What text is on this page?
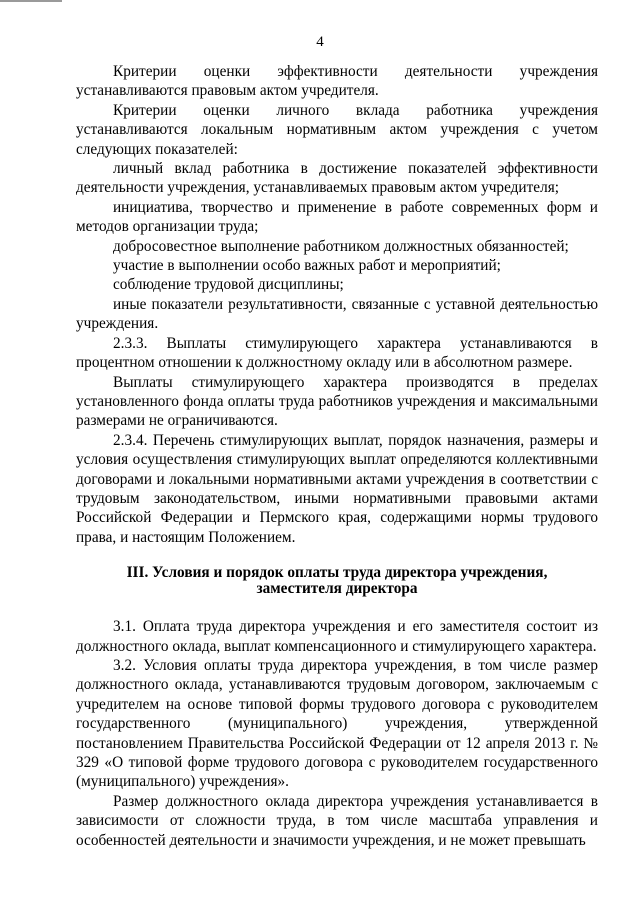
4

Критерии оценки эффективности деятельности учреждения устанавливаются правовым актом учредителя.

Критерии оценки личного вклада работника учреждения устанавливаются локальным нормативным актом учреждения с учетом следующих показателей:

личный вклад работника в достижение показателей эффективности деятельности учреждения, устанавливаемых правовым актом учредителя;

инициатива, творчество и применение в работе современных форм и методов организации труда;

добросовестное выполнение работником должностных обязанностей;

участие в выполнении особо важных работ и мероприятий;

соблюдение трудовой дисциплины;

иные показатели результативности, связанные с уставной деятельностью учреждения.

2.3.3. Выплаты стимулирующего характера устанавливаются в процентном отношении к должностному окладу или в абсолютном размере.

Выплаты стимулирующего характера производятся в пределах установленного фонда оплаты труда работников учреждения и максимальными размерами не ограничиваются.

2.3.4. Перечень стимулирующих выплат, порядок назначения, размеры и условия осуществления стимулирующих выплат определяются коллективными договорами и локальными нормативными актами учреждения в соответствии с трудовым законодательством, иными нормативными правовыми актами Российской Федерации и Пермского края, содержащими нормы трудового права, и настоящим Положением.

III. Условия и порядок оплаты труда директора учреждения,
заместителя директора

3.1. Оплата труда директора учреждения и его заместителя состоит из должностного оклада, выплат компенсационного и стимулирующего характера.

3.2. Условия оплаты труда директора учреждения, в том числе размер должностного оклада, устанавливаются трудовым договором, заключаемым с учредителем на основе типовой формы трудового договора с руководителем государственного (муниципального) учреждения, утвержденной постановлением Правительства Российской Федерации от 12 апреля 2013 г. № 329 «О типовой форме трудового договора с руководителем государственного (муниципального) учреждения».

Размер должностного оклада директора учреждения устанавливается в зависимости от сложности труда, в том числе масштаба управления и особенностей деятельности и значимости учреждения, и не может превышать
